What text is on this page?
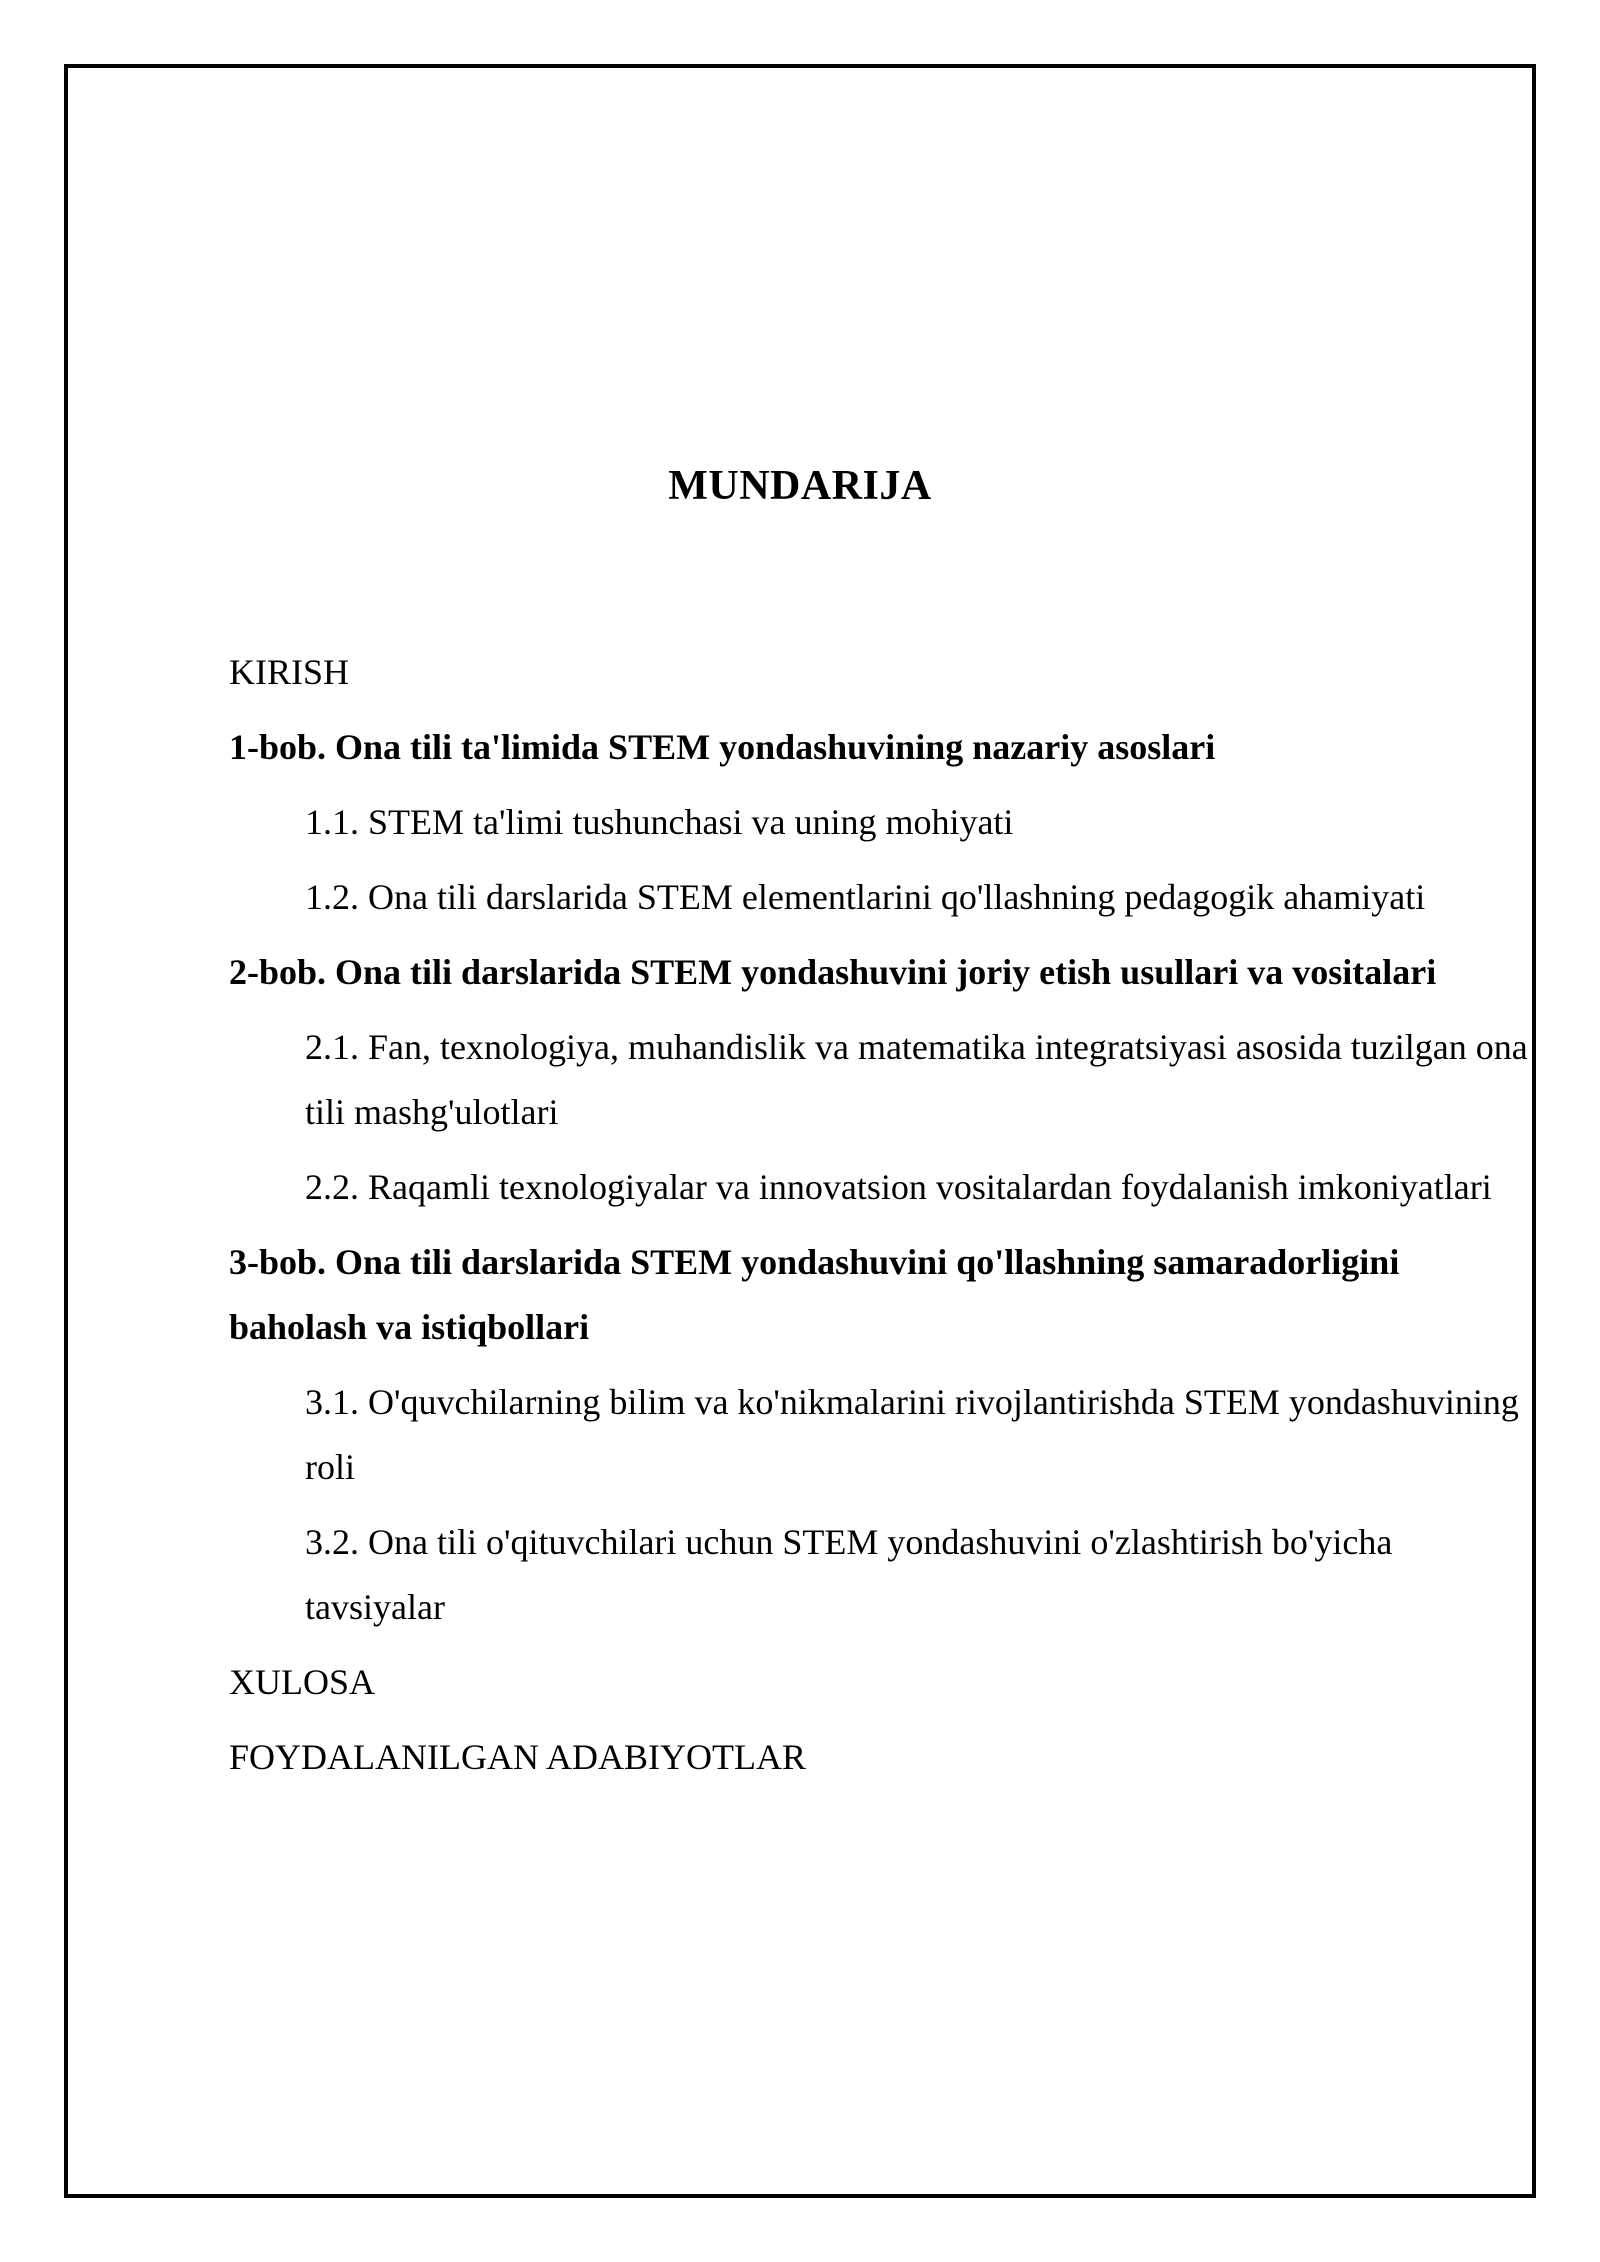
MUNDARIJA
KIRISH
1-bob. Ona tili ta'limida STEM yondashuvining nazariy asoslari
1.1. STEM ta'limi tushunchasi va uning mohiyati
1.2. Ona tili darslarida STEM elementlarini qo'llashning pedagogik ahamiyati
2-bob. Ona tili darslarida STEM yondashuvini joriy etish usullari va vositalari
2.1. Fan, texnologiya, muhandislik va matematika integratsiyasi asosida tuzilgan ona tili mashg'ulotlari
2.2. Raqamli texnologiyalar va innovatsion vositalardan foydalanish imkoniyatlari
3-bob. Ona tili darslarida STEM yondashuvini qo'llashning samaradorligini baholash va istiqbollari
3.1. O'quvchilarning bilim va ko'nikmalarini rivojlantirishda STEM yondashuvining roli
3.2. Ona tili o'qituvchilari uchun STEM yondashuvini o'zlashtirish bo'yicha tavsiyalar
XULOSA
FOYDALANILGAN ADABIYOTLAR
